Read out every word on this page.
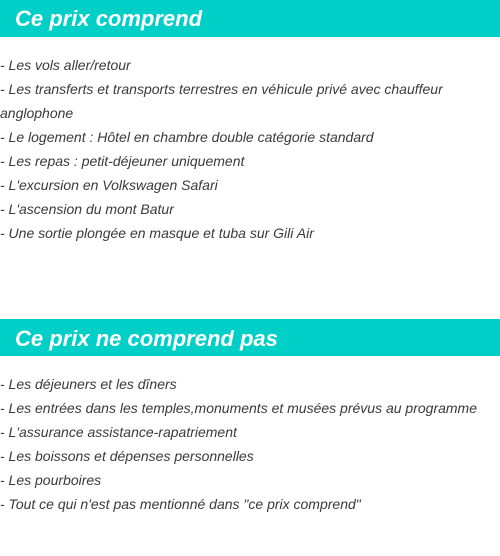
Ce prix comprend
- Les vols aller/retour
- Les transferts et transports terrestres en véhicule privé avec chauffeur anglophone
- Le logement : Hôtel en chambre double catégorie standard
- Les repas : petit-déjeuner uniquement
- L'excursion en Volkswagen Safari
- L'ascension du mont Batur
- Une sortie plongée en masque et tuba sur Gili Air
Ce prix ne comprend pas
- Les déjeuners et les dîners
- Les entrées dans les temples,monuments et musées prévus au programme
- L'assurance assistance-rapatriement
- Les boissons et dépenses personnelles
- Les pourboires
- Tout ce qui n'est pas mentionné dans "ce prix comprend"
